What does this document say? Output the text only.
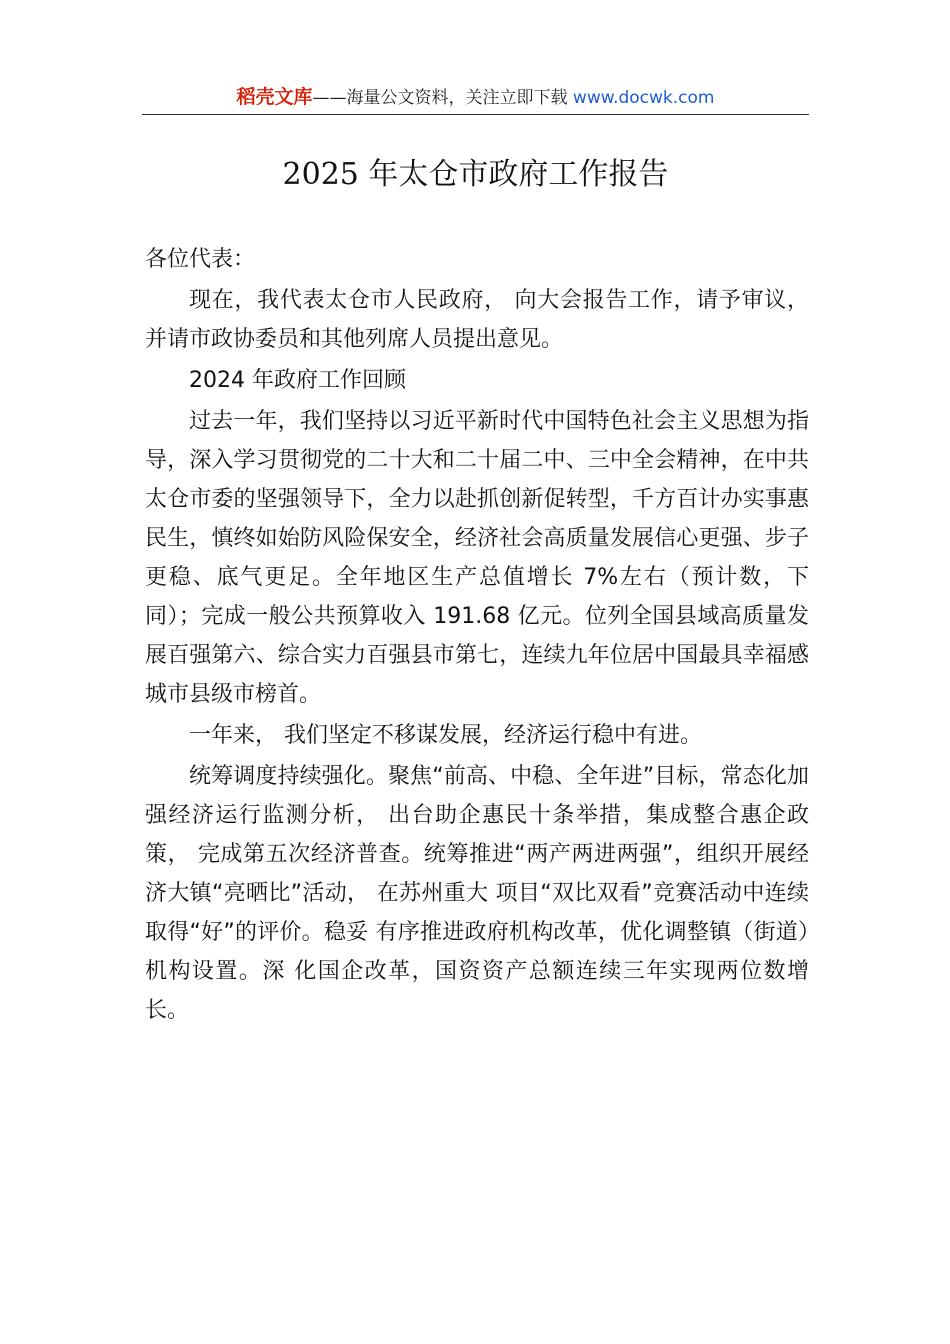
稻壳文库——海量公文资料，关注立即下载 www.docwk.com
2025 年太仓市政府工作报告

各位代表：

现在，我代表太仓市人民政府， 向大会报告工作，请予审议，并请市政协委员和其他列席人员提出意见。

2024 年政府工作回顾

过去一年，我们坚持以习近平新时代中国特色社会主义思想为指导，深入学习贯彻党的二十大和二十届二中、三中全会精神，在中共太仓市委的坚强领导下，全力以赴抓创新促转型，千方百计办实事惠民生，慎终如始防风险保安全，经济社会高质量发展信心更强、步子更稳、底气更足。全年地区生产总值增长 7%左右（预计数，下同）；完成一般公共预算收入 191.68 亿元。位列全国县域高质量发展百强第六、综合实力百强县市第七，连续九年位居中国最具幸福感城市县级市榜首。

一年来， 我们坚定不移谋发展，经济运行稳中有进。

统筹调度持续强化。聚焦“前高、中稳、全年进”目标，常态化加强经济运行监测分析， 出台助企惠民十条举措，集成整合惠企政策， 完成第五次经济普查。统筹推进“两产两进两强”，组织开展经济大镇“亮晒比”活动， 在苏州重大 项目“双比双看”竞赛活动中连续取得“好”的评价。稳妥 有序推进政府机构改革，优化调整镇（街道）机构设置。深 化国企改革，国资资产总额连续三年实现两位数增长。
